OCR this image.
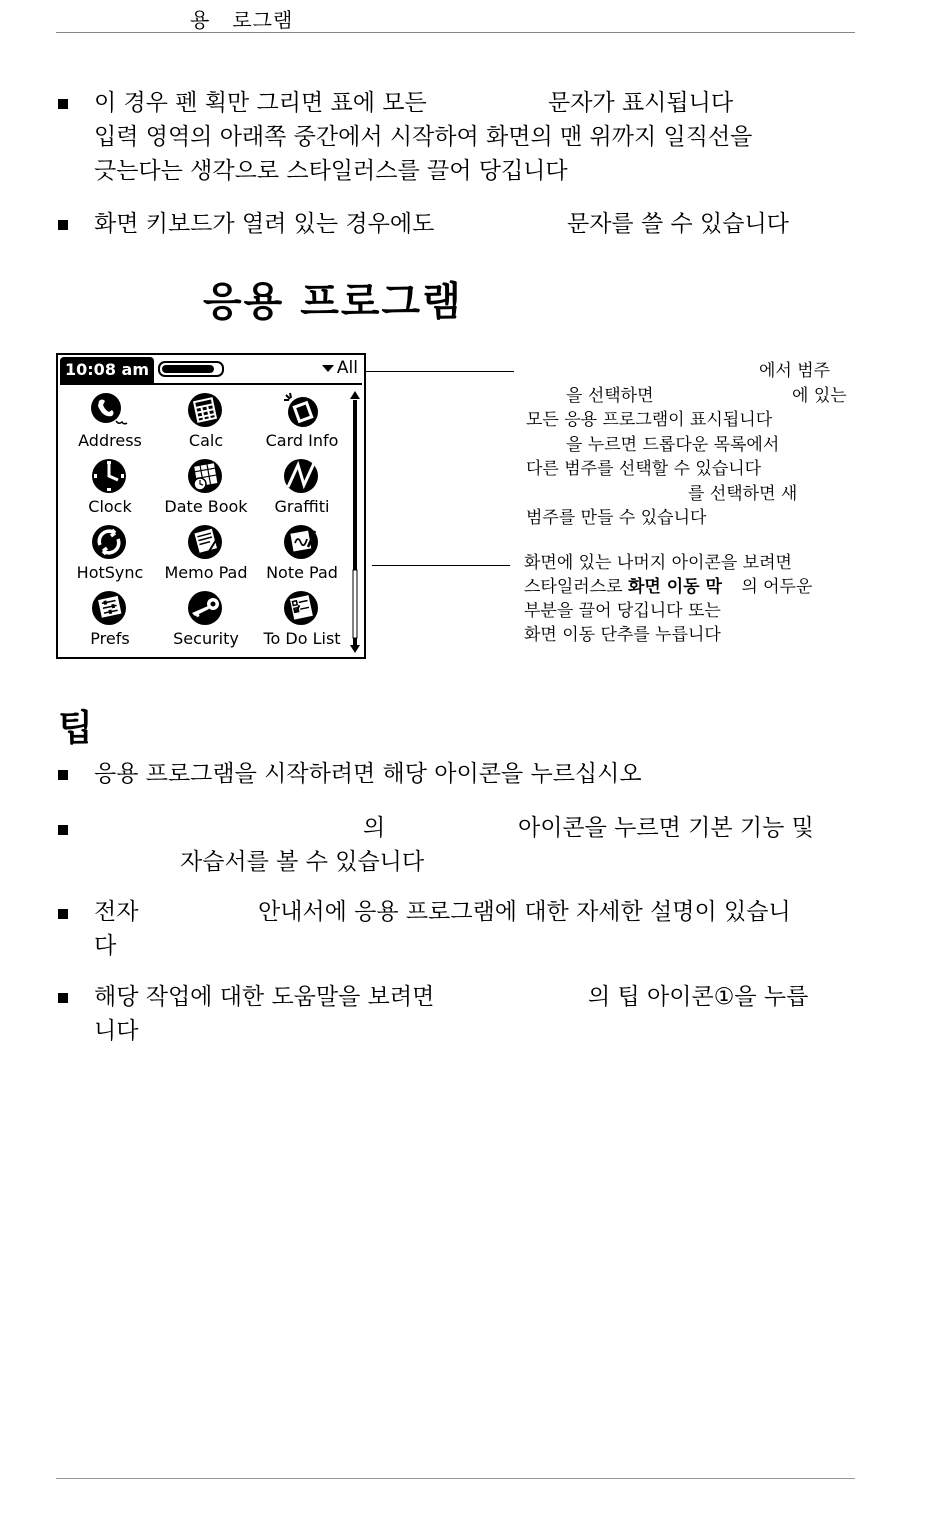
용 로그램
이 경우 펜 획만 그리면 표에 모든	문자가 표시됩니다
입력 영역의 아래쪽 중간에서 시작하여 화면의 맨 위까지 일직선을
긋는다는 생각으로 스타일러스를 끌어 당깁니다
화면 키보드가 열려 있는 경우에도	문자를 쓸 수 있습니다
응용 프로그램
10:08 am	All
Address	Calc	Card Info
Clock	Date Book	Graffiti
HotSync	Memo Pad	Note Pad
Prefs	Security	To Do List
에서 범주
을 선택하면	에 있는
모든 응용 프로그램이 표시됩니다
을 누르면 드롭다운 목록에서
다른 범주를 선택할 수 있습니다
를 선택하면 새
범주를 만들 수 있습니다
화면에 있는 나머지 아이콘을 보려면
스타일러스로 화면 이동 막 의 어두운
부분을 끌어 당깁니다 또는
화면 이동 단추를 누릅니다
팁
응용 프로그램을 시작하려면 해당 아이콘을 누르십시오
의	아이콘을 누르면 기본 기능 및
자습서를 볼 수 있습니다
전자	안내서에 응용 프로그램에 대한 자세한 설명이 있습니
다
해당 작업에 대한 도움말을 보려면	의 팁 아이콘①을 누릅
니다
